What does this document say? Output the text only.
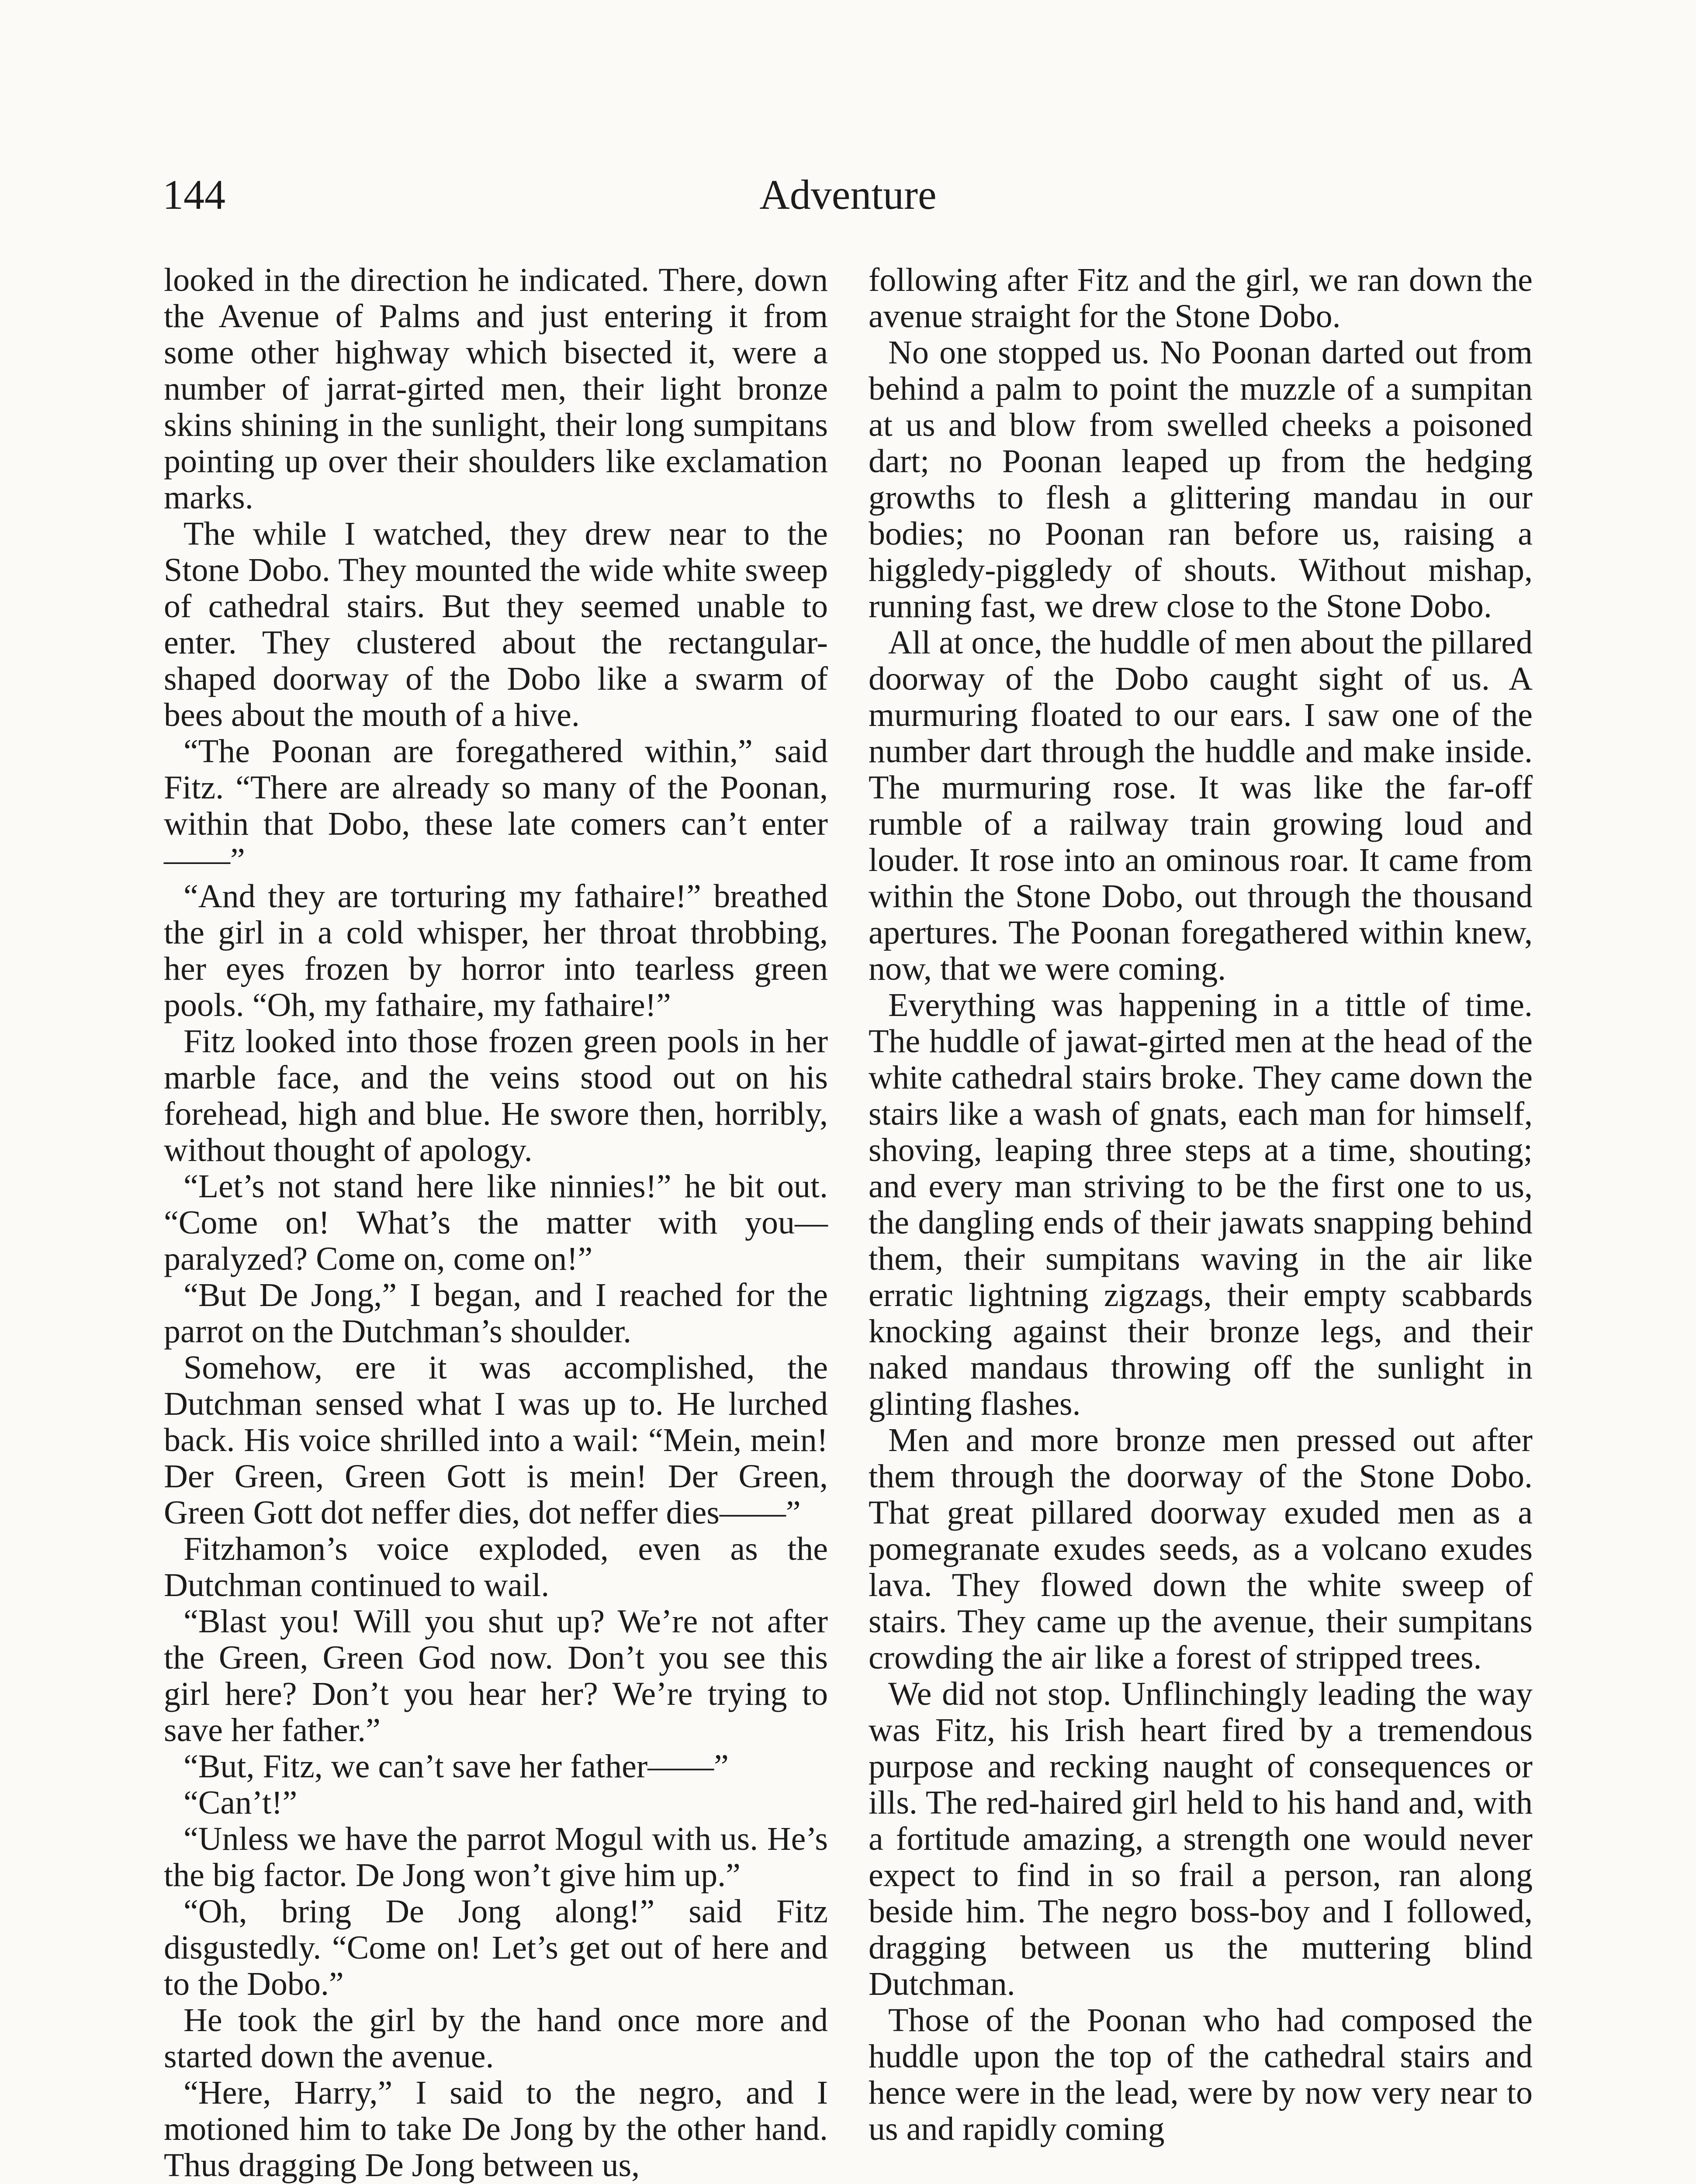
144	Adventure

looked in the direction he indicated. There, down the Avenue of Palms and just entering it from some other highway which bisected it, were a number of jarrat-girted men, their light bronze skins shining in the sunlight, their long sumpitans pointing up over their shoulders like exclamation marks.

The while I watched, they drew near to the Stone Dobo. They mounted the wide white sweep of cathedral stairs. But they seemed unable to enter. They clustered about the rectangular-shaped doorway of the Dobo like a swarm of bees about the mouth of a hive.

“The Poonan are foregathered within,” said Fitz. “There are already so many of the Poonan, within that Dobo, these late comers can’t enter——”

“And they are torturing my fathaire!” breathed the girl in a cold whisper, her throat throbbing, her eyes frozen by horror into tearless green pools. “Oh, my fathaire, my fathaire!”

Fitz looked into those frozen green pools in her marble face, and the veins stood out on his forehead, high and blue. He swore then, horribly, without thought of apology.

“Let’s not stand here like ninnies!” he bit out. “Come on! What’s the matter with you—paralyzed? Come on, come on!”

“But De Jong,” I began, and I reached for the parrot on the Dutchman’s shoulder.

Somehow, ere it was accomplished, the Dutchman sensed what I was up to. He lurched back. His voice shrilled into a wail: “Mein, mein! Der Green, Green Gott is mein! Der Green, Green Gott dot neffer dies, dot neffer dies——”

Fitzhamon’s voice exploded, even as the Dutchman continued to wail.

“Blast you! Will you shut up? We’re not after the Green, Green God now. Don’t you see this girl here? Don’t you hear her? We’re trying to save her father.”

“But, Fitz, we can’t save her father——”

“Can’t!”

“Unless we have the parrot Mogul with us. He’s the big factor. De Jong won’t give him up.”

“Oh, bring De Jong along!” said Fitz disgustedly. “Come on! Let’s get out of here and to the Dobo.”

He took the girl by the hand once more and started down the avenue.

“Here, Harry,” I said to the negro, and I motioned him to take De Jong by the other hand. Thus dragging De Jong between us,

following after Fitz and the girl, we ran down the avenue straight for the Stone Dobo.

No one stopped us. No Poonan darted out from behind a palm to point the muzzle of a sumpitan at us and blow from swelled cheeks a poisoned dart; no Poonan leaped up from the hedging growths to flesh a glittering mandau in our bodies; no Poonan ran before us, raising a higgledy-piggledy of shouts. Without mishap, running fast, we drew close to the Stone Dobo.

All at once, the huddle of men about the pillared doorway of the Dobo caught sight of us. A murmuring floated to our ears. I saw one of the number dart through the huddle and make inside. The murmuring rose. It was like the far-off rumble of a railway train growing loud and louder. It rose into an ominous roar. It came from within the Stone Dobo, out through the thousand apertures. The Poonan foregathered within knew, now, that we were coming.

Everything was happening in a tittle of time. The huddle of jawat-girted men at the head of the white cathedral stairs broke. They came down the stairs like a wash of gnats, each man for himself, shoving, leaping three steps at a time, shouting; and every man striving to be the first one to us, the dangling ends of their jawats snapping behind them, their sumpitans waving in the air like erratic lightning zigzags, their empty scabbards knocking against their bronze legs, and their naked mandaus throwing off the sunlight in glinting flashes.

Men and more bronze men pressed out after them through the doorway of the Stone Dobo. That great pillared doorway exuded men as a pomegranate exudes seeds, as a volcano exudes lava. They flowed down the white sweep of stairs. They came up the avenue, their sumpitans crowding the air like a forest of stripped trees.

We did not stop. Unflinchingly leading the way was Fitz, his Irish heart fired by a tremendous purpose and recking naught of consequences or ills. The red-haired girl held to his hand and, with a fortitude amazing, a strength one would never expect to find in so frail a person, ran along beside him. The negro boss-boy and I followed, dragging between us the muttering blind Dutchman.

Those of the Poonan who had composed the huddle upon the top of the cathedral stairs and hence were in the lead, were by now very near to us and rapidly coming
